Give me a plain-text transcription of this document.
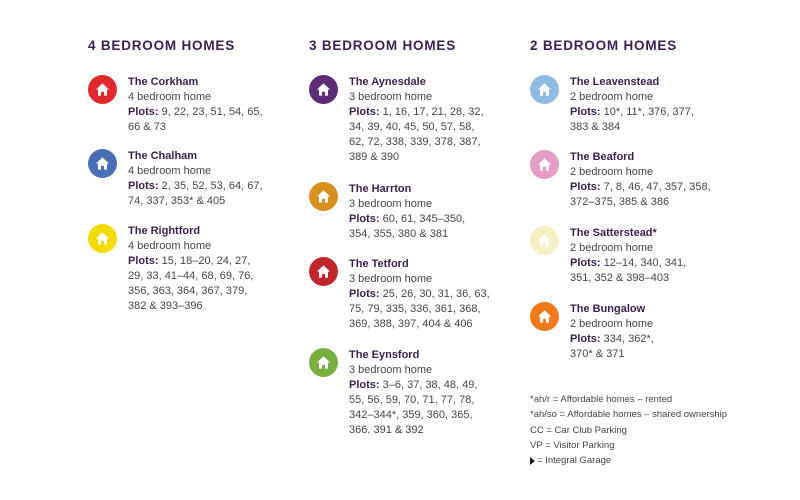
4 BEDROOM HOMES
The Corkham
4 bedroom home
Plots: 9, 22, 23, 51, 54, 65,
66 & 73
The Chalham
4 bedroom home
Plots: 2, 35, 52, 53, 64, 67,
74, 337, 353* & 405
The Rightford
4 bedroom home
Plots: 15, 18–20, 24, 27,
29, 33, 41–44, 68, 69, 76,
356, 363, 364, 367, 379,
382 & 393–396
3 BEDROOM HOMES
The Aynesdale
3 bedroom home
Plots: 1, 16, 17, 21, 28, 32,
34, 39, 40, 45, 50, 57, 58,
62, 72, 338, 339, 378, 387,
389 & 390
The Harrton
3 bedroom home
Plots: 60, 61, 345–350,
354, 355, 380 & 381
The Tetford
3 bedroom home
Plots: 25, 26, 30, 31, 36, 63,
75, 79, 335, 336, 361, 368,
369, 388, 397, 404 & 406
The Eynsford
3 bedroom home
Plots: 3–6, 37, 38, 48, 49,
55, 56, 59, 70, 71, 77, 78,
342–344*, 359, 360, 365,
366, 391 & 392
2 BEDROOM HOMES
The Leavenstead
2 bedroom home
Plots: 10*, 11*, 376, 377,
383 & 384
The Beaford
2 bedroom home
Plots: 7, 8, 46, 47, 357, 358,
372–375, 385 & 386
The Satterstead*
2 bedroom home
Plots: 12–14, 340, 341,
351, 352 & 398–403
The Bungalow
2 bedroom home
Plots: 334, 362*,
370* & 371
*ah/r = Affordable homes – rented
*ah/so = Affordable homes – shared ownership
CC = Car Club Parking
VP = Visitor Parking
= Integral Garage
